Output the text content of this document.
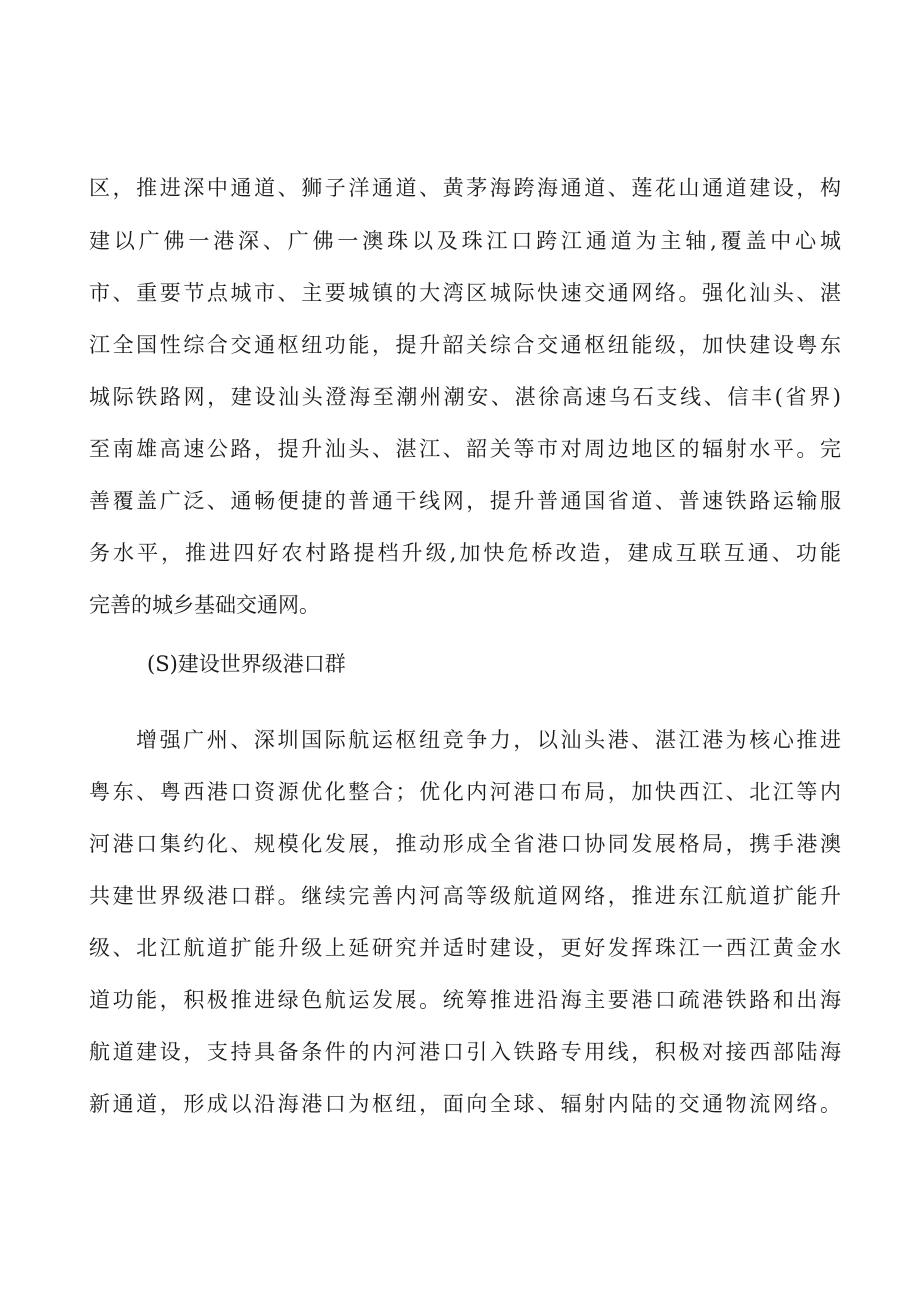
区，推进深中通道、狮子洋通道、黄茅海跨海通道、莲花山通道建设，构
建以广佛一港深、广佛一澳珠以及珠江口跨江通道为主轴,覆盖中心城
市、重要节点城市、主要城镇的大湾区城际快速交通网络。强化汕头、湛
江全国性综合交通枢纽功能，提升韶关综合交通枢纽能级，加快建设粤东
城际铁路网，建设汕头澄海至潮州潮安、湛徐高速乌石支线、信丰(省界)
至南雄高速公路，提升汕头、湛江、韶关等市对周边地区的辐射水平。完
善覆盖广泛、通畅便捷的普通干线网，提升普通国省道、普速铁路运输服
务水平，推进四好农村路提档升级,加快危桥改造，建成互联互通、功能
完善的城乡基础交通网。
(S)建设世界级港口群
增强广州、深圳国际航运枢纽竞争力，以汕头港、湛江港为核心推进
粤东、粤西港口资源优化整合；优化内河港口布局，加快西江、北江等内
河港口集约化、规模化发展，推动形成全省港口协同发展格局，携手港澳
共建世界级港口群。继续完善内河高等级航道网络，推进东江航道扩能升
级、北江航道扩能升级上延研究并适时建设，更好发挥珠江一西江黄金水
道功能，积极推进绿色航运发展。统筹推进沿海主要港口疏港铁路和出海
航道建设，支持具备条件的内河港口引入铁路专用线，积极对接西部陆海
新通道，形成以沿海港口为枢纽，面向全球、辐射内陆的交通物流网络。
